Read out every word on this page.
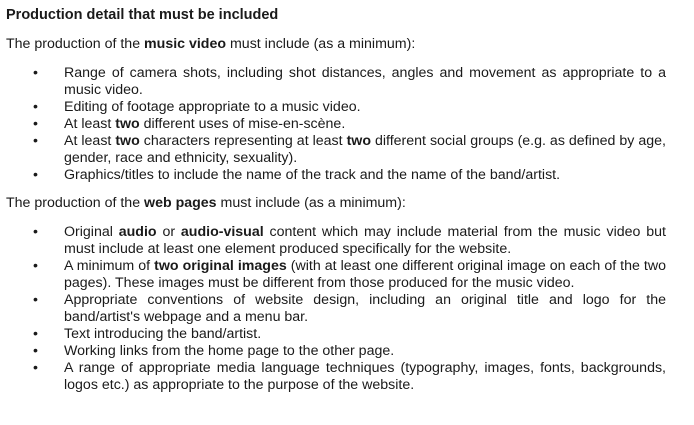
Production detail that must be included
The production of the music video must include (as a minimum):
• Range of camera shots, including shot distances, angles and movement as appropriate to a music video.
• Editing of footage appropriate to a music video.
• At least two different uses of mise-en-scène.
• At least two characters representing at least two different social groups (e.g. as defined by age, gender, race and ethnicity, sexuality).
• Graphics/titles to include the name of the track and the name of the band/artist.
The production of the web pages must include (as a minimum):
• Original audio or audio-visual content which may include material from the music video but must include at least one element produced specifically for the website.
• A minimum of two original images (with at least one different original image on each of the two pages). These images must be different from those produced for the music video.
• Appropriate conventions of website design, including an original title and logo for the band/artist's webpage and a menu bar.
• Text introducing the band/artist.
• Working links from the home page to the other page.
• A range of appropriate media language techniques (typography, images, fonts, backgrounds, logos etc.) as appropriate to the purpose of the website.
